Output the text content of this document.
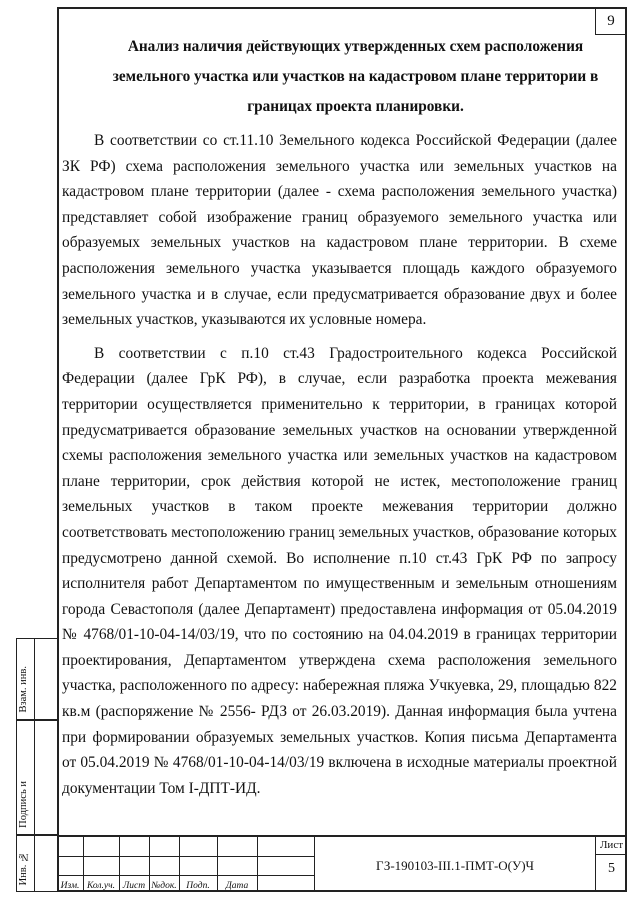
9
Анализ наличия действующих утвержденных схем расположения земельного участка или участков на кадастровом плане территории в границах проекта планировки.

В соответствии со ст.11.10 Земельного кодекса Российской Федерации (далее ЗК РФ) схема расположения земельного участка или земельных участков на кадастровом плане территории (далее - схема расположения земельного участка) представляет собой изображение границ образуемого земельного участка или образуемых земельных участков на кадастровом плане территории. В схеме расположения земельного участка указывается площадь каждого образуемого земельного участка и в случае, если предусматривается образование двух и более земельных участков, указываются их условные номера.

В соответствии с п.10 ст.43 Градостроительного кодекса Российской Федерации (далее ГрК РФ), в случае, если разработка проекта межевания территории осуществляется применительно к территории, в границах которой предусматривается образование земельных участков на основании утвержденной схемы расположения земельного участка или земельных участков на кадастровом плане территории, срок действия которой не истек, местоположение границ земельных участков в таком проекте межевания территории должно соответствовать местоположению границ земельных участков, образование которых предусмотрено данной схемой. Во исполнение п.10 ст.43 ГрК РФ по запросу исполнителя работ Департаментом по имущественным и земельным отношениям города Севастополя (далее Департамент) предоставлена информация от 05.04.2019 № 4768/01-10-04-14/03/19, что по состоянию на 04.04.2019 в границах территории проектирования, Департаментом утверждена схема расположения земельного участка, расположенного по адресу: набережная пляжа Учкуевка, 29, площадью 822 кв.м (распоряжение № 2556- РДЗ от 26.03.2019). Данная информация была учтена при формировании образуемых земельных участков. Копия письма Департамента от 05.04.2019 № 4768/01-10-04-14/03/19 включена в исходные материалы проектной документации Том I-ДПТ-ИД.

Взам. инв.
Подпись и
Инв. №
Изм. Кол.уч. Лист №док.	Подп.	Дата
ГЗ-190103-III.1-ПМТ-О(У)Ч
Лист
5
